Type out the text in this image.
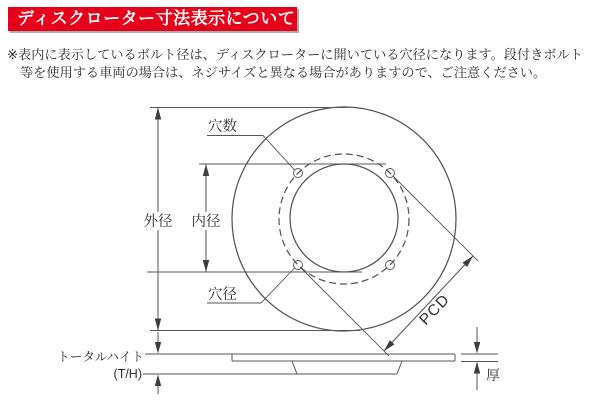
ディスクローター寸法表示について
※表内に表示しているボルト径は、ディスクローターに開いている穴径になります。段付きボルト
等を使用する車両の場合は、ネジサイズと異なる場合がありますので、ご注意ください。
外径 内径
穴数
穴径	PCD
トータルハイト
(T/H)	厚
